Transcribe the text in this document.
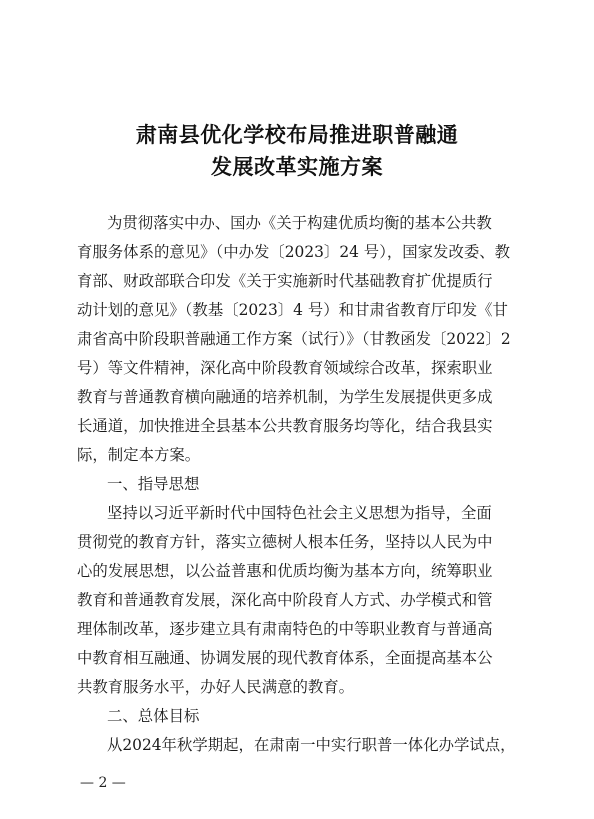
肃南县优化学校布局推进职普融通
发展改革实施方案
为贯彻落实中办、国办《关于构建优质均衡的基本公共教
育服务体系的意见》（中办发〔2023〕24 号），国家发改委、教
育部、财政部联合印发《关于实施新时代基础教育扩优提质行
动计划的意见》（教基〔2023〕4 号）和甘肃省教育厅印发《甘
肃省高中阶段职普融通工作方案（试行）》（甘教函发〔2022〕2
号）等文件精神，深化高中阶段教育领域综合改革，探索职业
教育与普通教育横向融通的培养机制，为学生发展提供更多成
长通道，加快推进全县基本公共教育服务均等化，结合我县实
际，制定本方案。
一、指导思想
坚持以习近平新时代中国特色社会主义思想为指导，全面
贯彻党的教育方针，落实立德树人根本任务，坚持以人民为中
心的发展思想，以公益普惠和优质均衡为基本方向，统筹职业
教育和普通教育发展，深化高中阶段育人方式、办学模式和管
理体制改革，逐步建立具有肃南特色的中等职业教育与普通高
中教育相互融通、协调发展的现代教育体系，全面提高基本公
共教育服务水平，办好人民满意的教育。
二、总体目标
从2024年秋学期起，在肃南一中实行职普一体化办学试点，
— 2 —
